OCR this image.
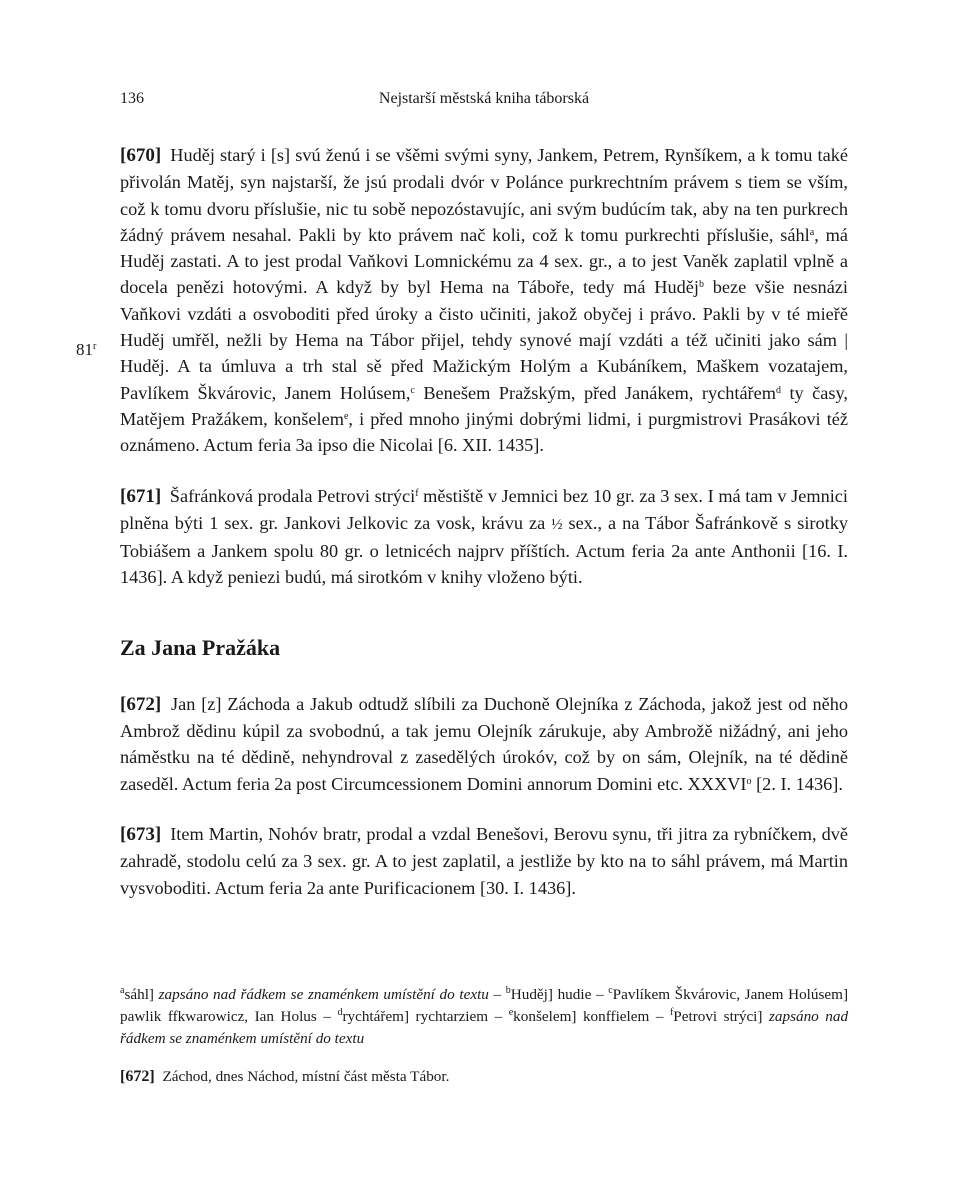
136	Nejstarší městská kniha táborská
81$^r$

[670] Huděj starý i [s] svú ženú i se všěmi svými syny, Jankem, Petrem, Rynšíkem, a k tomu také přivolán Matěj, syn najstarší, že jsú prodali dvór v Polánce purkrechtním právem s tiem se vším, což k tomu dvoru příslušie, nic tu sobě nepozóstavujíc, ani svým budúcím tak, aby na ten purkrech žádný právem nesahal. Pakli by kto právem nač koli, což k tomu purkrechti příslušie, sáhl$^a$, má Huděj zastati. A to jest prodal Vaňkovi Lomnickému za 4 sex. gr., a to jest Vaněk zaplatil vplně a docela penězi hotovými. A když by byl Hema na Táboře, tedy má Huděj$^b$ beze všie nesnázi Vaňkovi vzdáti a osvoboditi před úroky a čisto učiniti, jakož obyčej i právo. Pakli by v té mieřě Huděj umřěl, nežli by Hema na Tábor přijel, tehdy synové mají vzdáti a též učiniti jako sám | Huděj. A ta úmluva a trh stal sě před Mažickým Holým a Kubáníkem, Maškem vozatajem, Pavlíkem Škvárovic, Janem Holúsem,$^c$ Benešem Pražským, před Janákem, rychtářem$^d$ ty časy, Matějem Pražákem, konšelem$^e$, i před mnoho jinými dobrými lidmi, i purgmistrovi Prasákovi též oznámeno. Actum feria 3a ipso die Nicolai [6. XII. 1435].

[671] Šafránková prodala Petrovi strýci$^f$ městiště v Jemnici bez 10 gr. za 3 sex. I má tam v Jemnici plněna býti 1 sex. gr. Jankovi Jelkovic za vosk, krávu za ½ sex., a na Tábor Šafránkově s sirotky Tobiášem a Jankem spolu 80 gr. o letnicéch najprv příštích. Actum feria 2a ante Anthonii [16. I. 1436]. A když peniezi budú, má sirotkóm v knihy vloženo býti.

Za Jana Pražáka

[672] Jan [z] Záchoda a Jakub odtudž slíbili za Duchoně Olejníka z Záchoda, jakož jest od něho Ambrož dědinu kúpil za svobodnú, a tak jemu Olejník zárukuje, aby Ambrožě nižádný, ani jeho náměstku na té dědině, nehyndroval z zasedělých úrokóv, což by on sám, Olejník, na té dědině zaseděl. Actum feria 2a post Circumcessionem Domini annorum Domini etc. XXXVI$^o$ [2. I. 1436].

[673] Item Martin, Nohóv bratr, prodal a vzdal Benešovi, Berovu synu, tři jitra za rybníčkem, dvě zahradě, stodolu celú za 3 sex. gr. A to jest zaplatil, a jestliže by kto na to sáhl právem, má Martin vysvoboditi. Actum feria 2a ante Purificacionem [30. I. 1436].

$^a$sáhl] zapsáno nad řádkem se znaménkem umístění do textu – $^b$Huděj] hudie – $^c$Pavlíkem Škvárovic, Janem Holúsem] pawlik ffkwarowicz, Ian Holus – $^d$rychtářem] rychtarziem – $^e$konšelem] konffielem – $^f$Petrovi strýci] zapsáno nad řádkem se znaménkem umístění do textu

[672] Záchod, dnes Náchod, místní část města Tábor.
